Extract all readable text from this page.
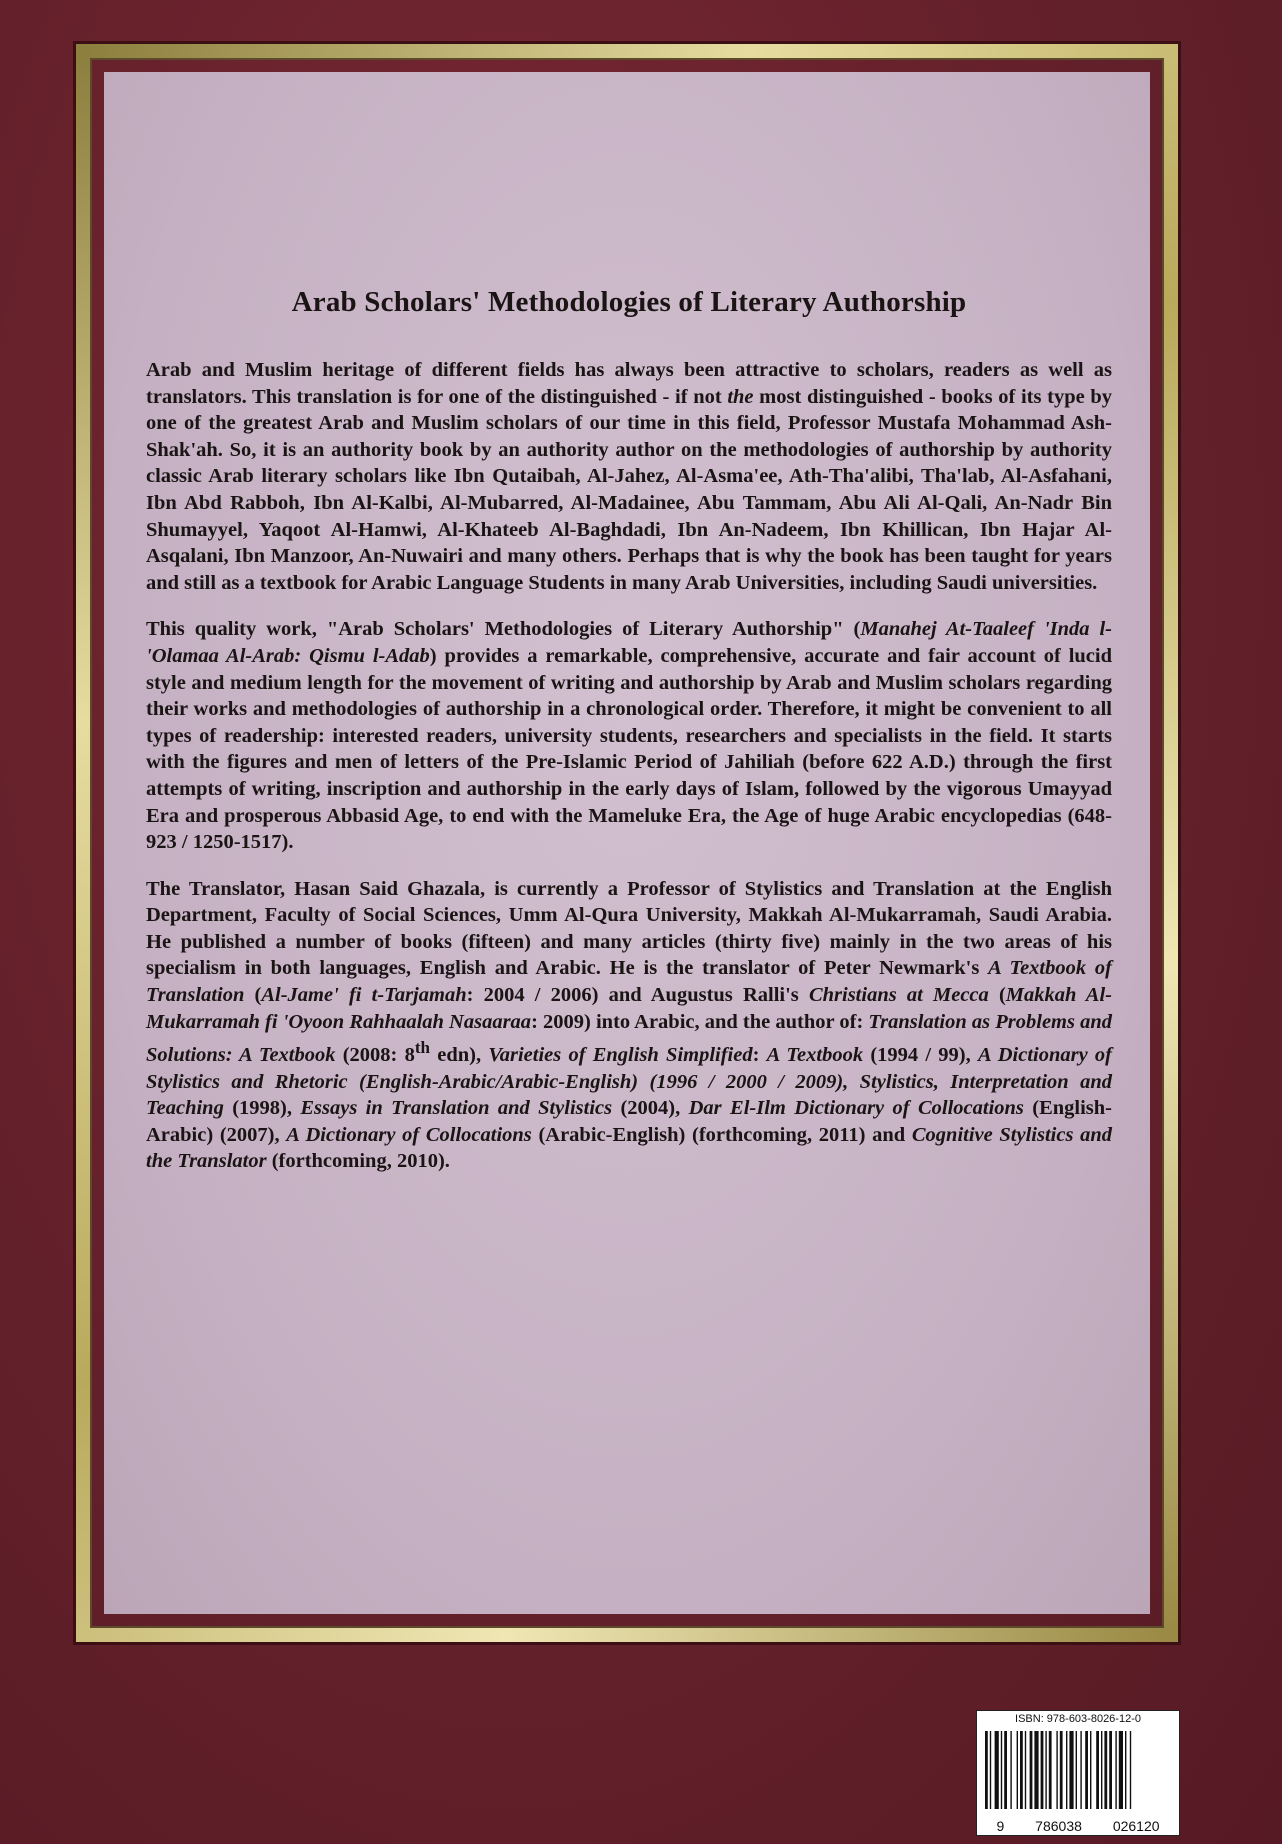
Arab Scholars' Methodologies of Literary Authorship

Arab and Muslim heritage of different fields has always been attractive to scholars, readers as well as translators. This translation is for one of the distinguished - if not the most distinguished - books of its type by one of the greatest Arab and Muslim scholars of our time in this field, Professor Mustafa Mohammad Ash-Shak'ah. So, it is an authority book by an authority author on the methodologies of authorship by authority classic Arab literary scholars like Ibn Qutaibah, Al-Jahez, Al-Asma'ee, Ath-Tha'alibi, Tha'lab, Al-Asfahani, Ibn Abd Rabboh, Ibn Al-Kalbi, Al-Mubarred, Al-Madainee, Abu Tammam, Abu Ali Al-Qali, An-Nadr Bin Shumayyel, Yaqoot Al-Hamwi, Al-Khateeb Al-Baghdadi, Ibn An-Nadeem, Ibn Khillican, Ibn Hajar Al-Asqalani, Ibn Manzoor, An-Nuwairi and many others. Perhaps that is why the book has been taught for years and still as a textbook for Arabic Language Students in many Arab Universities, including Saudi universities.

This quality work, "Arab Scholars' Methodologies of Literary Authorship" (Manahej At-Taaleef 'Inda l-'Olamaa Al-Arab: Qismu l-Adab) provides a remarkable, comprehensive, accurate and fair account of lucid style and medium length for the movement of writing and authorship by Arab and Muslim scholars regarding their works and methodologies of authorship in a chronological order. Therefore, it might be convenient to all types of readership: interested readers, university students, researchers and specialists in the field. It starts with the figures and men of letters of the Pre-Islamic Period of Jahiliah (before 622 A.D.) through the first attempts of writing, inscription and authorship in the early days of Islam, followed by the vigorous Umayyad Era and prosperous Abbasid Age, to end with the Mameluke Era, the Age of huge Arabic encyclopedias (648-923 / 1250-1517).

The Translator, Hasan Said Ghazala, is currently a Professor of Stylistics and Translation at the English Department, Faculty of Social Sciences, Umm Al-Qura University, Makkah Al-Mukarramah, Saudi Arabia. He published a number of books (fifteen) and many articles (thirty five) mainly in the two areas of his specialism in both languages, English and Arabic. He is the translator of Peter Newmark's A Textbook of Translation (Al-Jame' fi t-Tarjamah: 2004 / 2006) and Augustus Ralli's Christians at Mecca (Makkah Al-Mukarramah fi 'Oyoon Rahhaalah Nasaaraa: 2009) into Arabic, and the author of: Translation as Problems and Solutions: A Textbook (2008: 8th edn), Varieties of English Simplified: A Textbook (1994 / 99), A Dictionary of Stylistics and Rhetoric (English-Arabic/Arabic-English) (1996 / 2000 / 2009), Stylistics, Interpretation and Teaching (1998), Essays in Translation and Stylistics (2004), Dar El-Ilm Dictionary of Collocations (English-Arabic) (2007), A Dictionary of Collocations (Arabic-English) (forthcoming, 2011) and Cognitive Stylistics and the Translator (forthcoming, 2010).

ISBN: 978-603-8026-12-0
9 786038 026120
